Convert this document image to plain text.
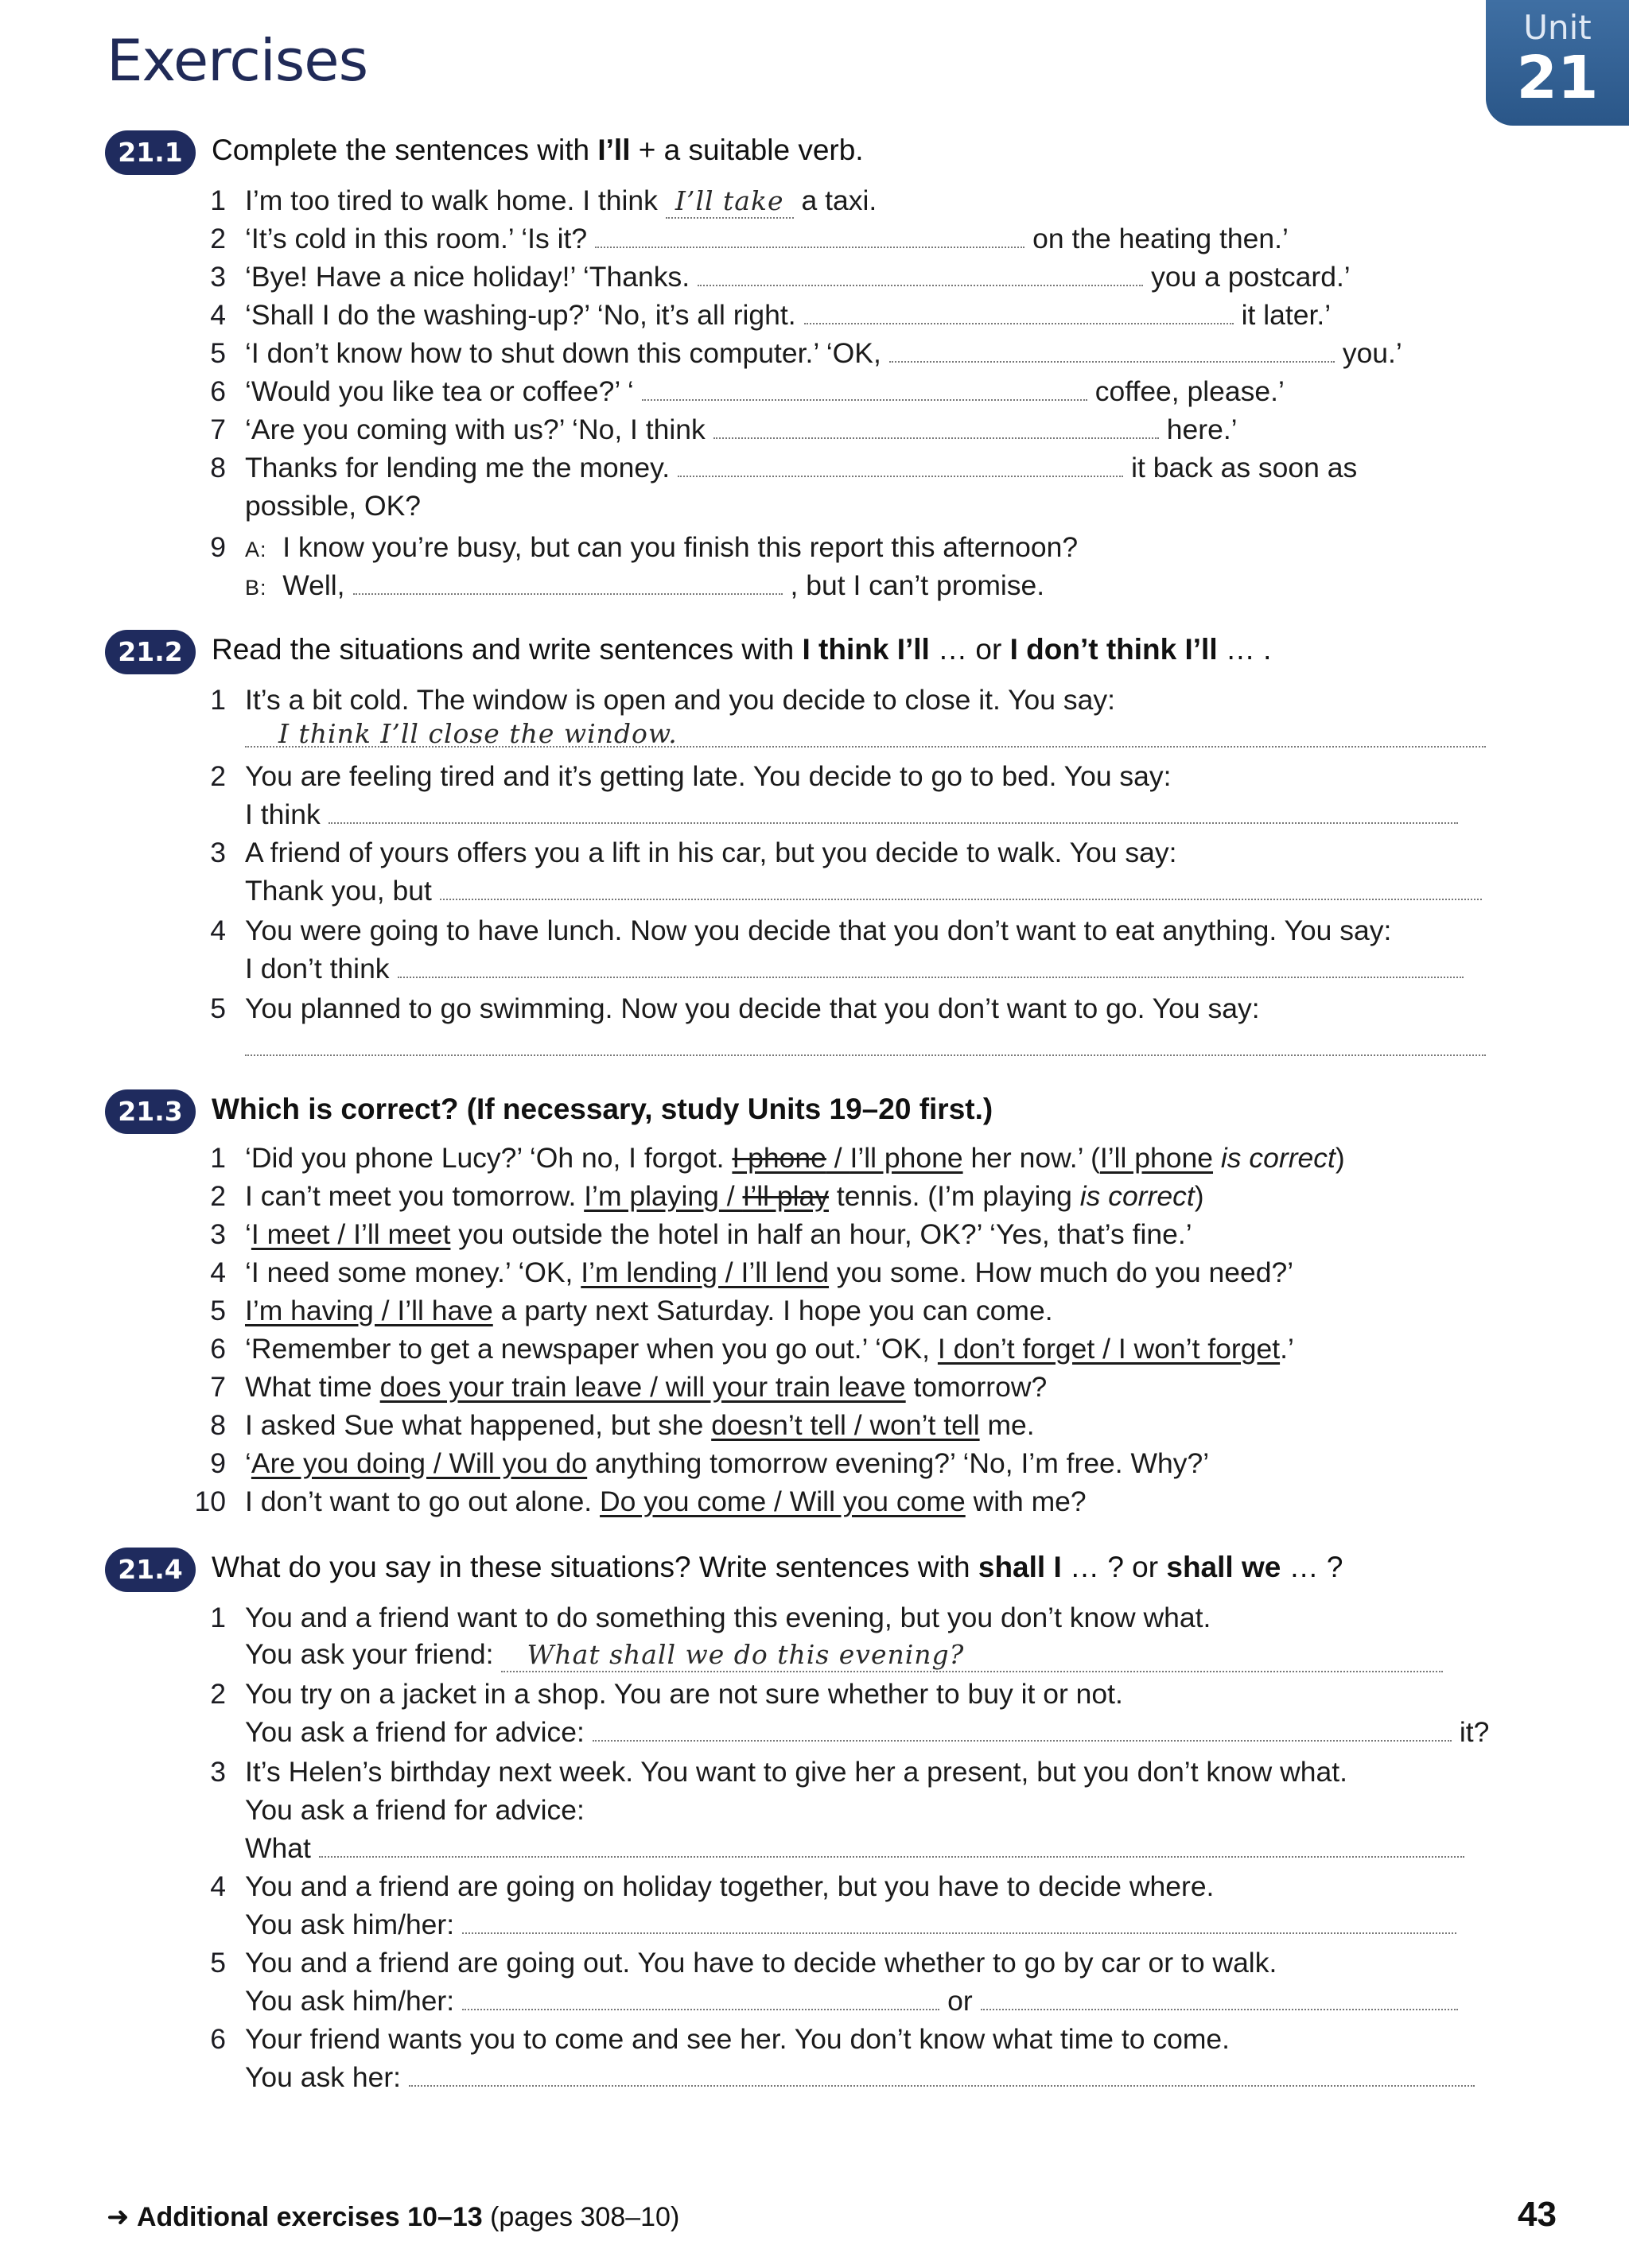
Exercises	Unit
21
21.1 Complete the sentences with I’ll + a suitable verb.
1 I’m too tired to walk home. I think I’ll take a taxi.
2 ‘It’s cold in this room.’ ‘Is it?	on the heating then.’
3 ‘Bye! Have a nice holiday!’ ‘Thanks.	you a postcard.’
4 ‘Shall I do the washing-up?’ ‘No, it’s all right.	it later.’
5 ‘I don’t know how to shut down this computer.’ ‘OK,	you.’
6 ‘Would you like tea or coffee?’ ‘	coffee, please.’
7 ‘Are you coming with us?’ ‘No, I think	here.’
8 Thanks for lending me the money.	it back as soon as
possible, OK?
9 A: I know you’re busy, but can you finish this report this afternoon?
B: Well,	, but I can’t promise.
21.2 Read the situations and write sentences with I think I’ll … or I don’t think I’ll … .
1 It’s a bit cold. The window is open and you decide to close it. You say:
I think I’ll close the window.
2 You are feeling tired and it’s getting late. You decide to go to bed. You say:
I think
3 A friend of yours offers you a lift in his car, but you decide to walk. You say:
Thank you, but
4 You were going to have lunch. Now you decide that you don’t want to eat anything. You say:
I don’t think
5 You planned to go swimming. Now you decide that you don’t want to go. You say:
21.3 Which is correct? (If necessary, study Units 19–20 first.)
1 ‘Did you phone Lucy?’ ‘Oh no, I forgot. I phone / I’ll phone her now.’ (I’ll phone is correct)
2 I can’t meet you tomorrow. I’m playing / I’ll play tennis. (I’m playing is correct)
3 ‘I meet / I’ll meet you outside the hotel in half an hour, OK?’ ‘Yes, that’s fine.’
4 ‘I need some money.’ ‘OK, I’m lending / I’ll lend you some. How much do you need?’
5 I’m having / I’ll have a party next Saturday. I hope you can come.
6 ‘Remember to get a newspaper when you go out.’ ‘OK, I don’t forget / I won’t forget.’
7 What time does your train leave / will your train leave tomorrow?
8 I asked Sue what happened, but she doesn’t tell / won’t tell me.
9 ‘Are you doing / Will you do anything tomorrow evening?’ ‘No, I’m free. Why?’
10 I don’t want to go out alone. Do you come / Will you come with me?
21.4 What do you say in these situations? Write sentences with shall I … ? or shall we … ?
1 You and a friend want to do something this evening, but you don’t know what.
You ask your friend: What shall we do this evening?
2 You try on a jacket in a shop. You are not sure whether to buy it or not.
You ask a friend for advice:	it?
3 It’s Helen’s birthday next week. You want to give her a present, but you don’t know what.
You ask a friend for advice:
What
4 You and a friend are going on holiday together, but you have to decide where.
You ask him/her:
5 You and a friend are going out. You have to decide whether to go by car or to walk.
You ask him/her:	or
6 Your friend wants you to come and see her. You don’t know what time to come.
You ask her:
➜ Additional exercises 10–13 (pages 308–10)	43
